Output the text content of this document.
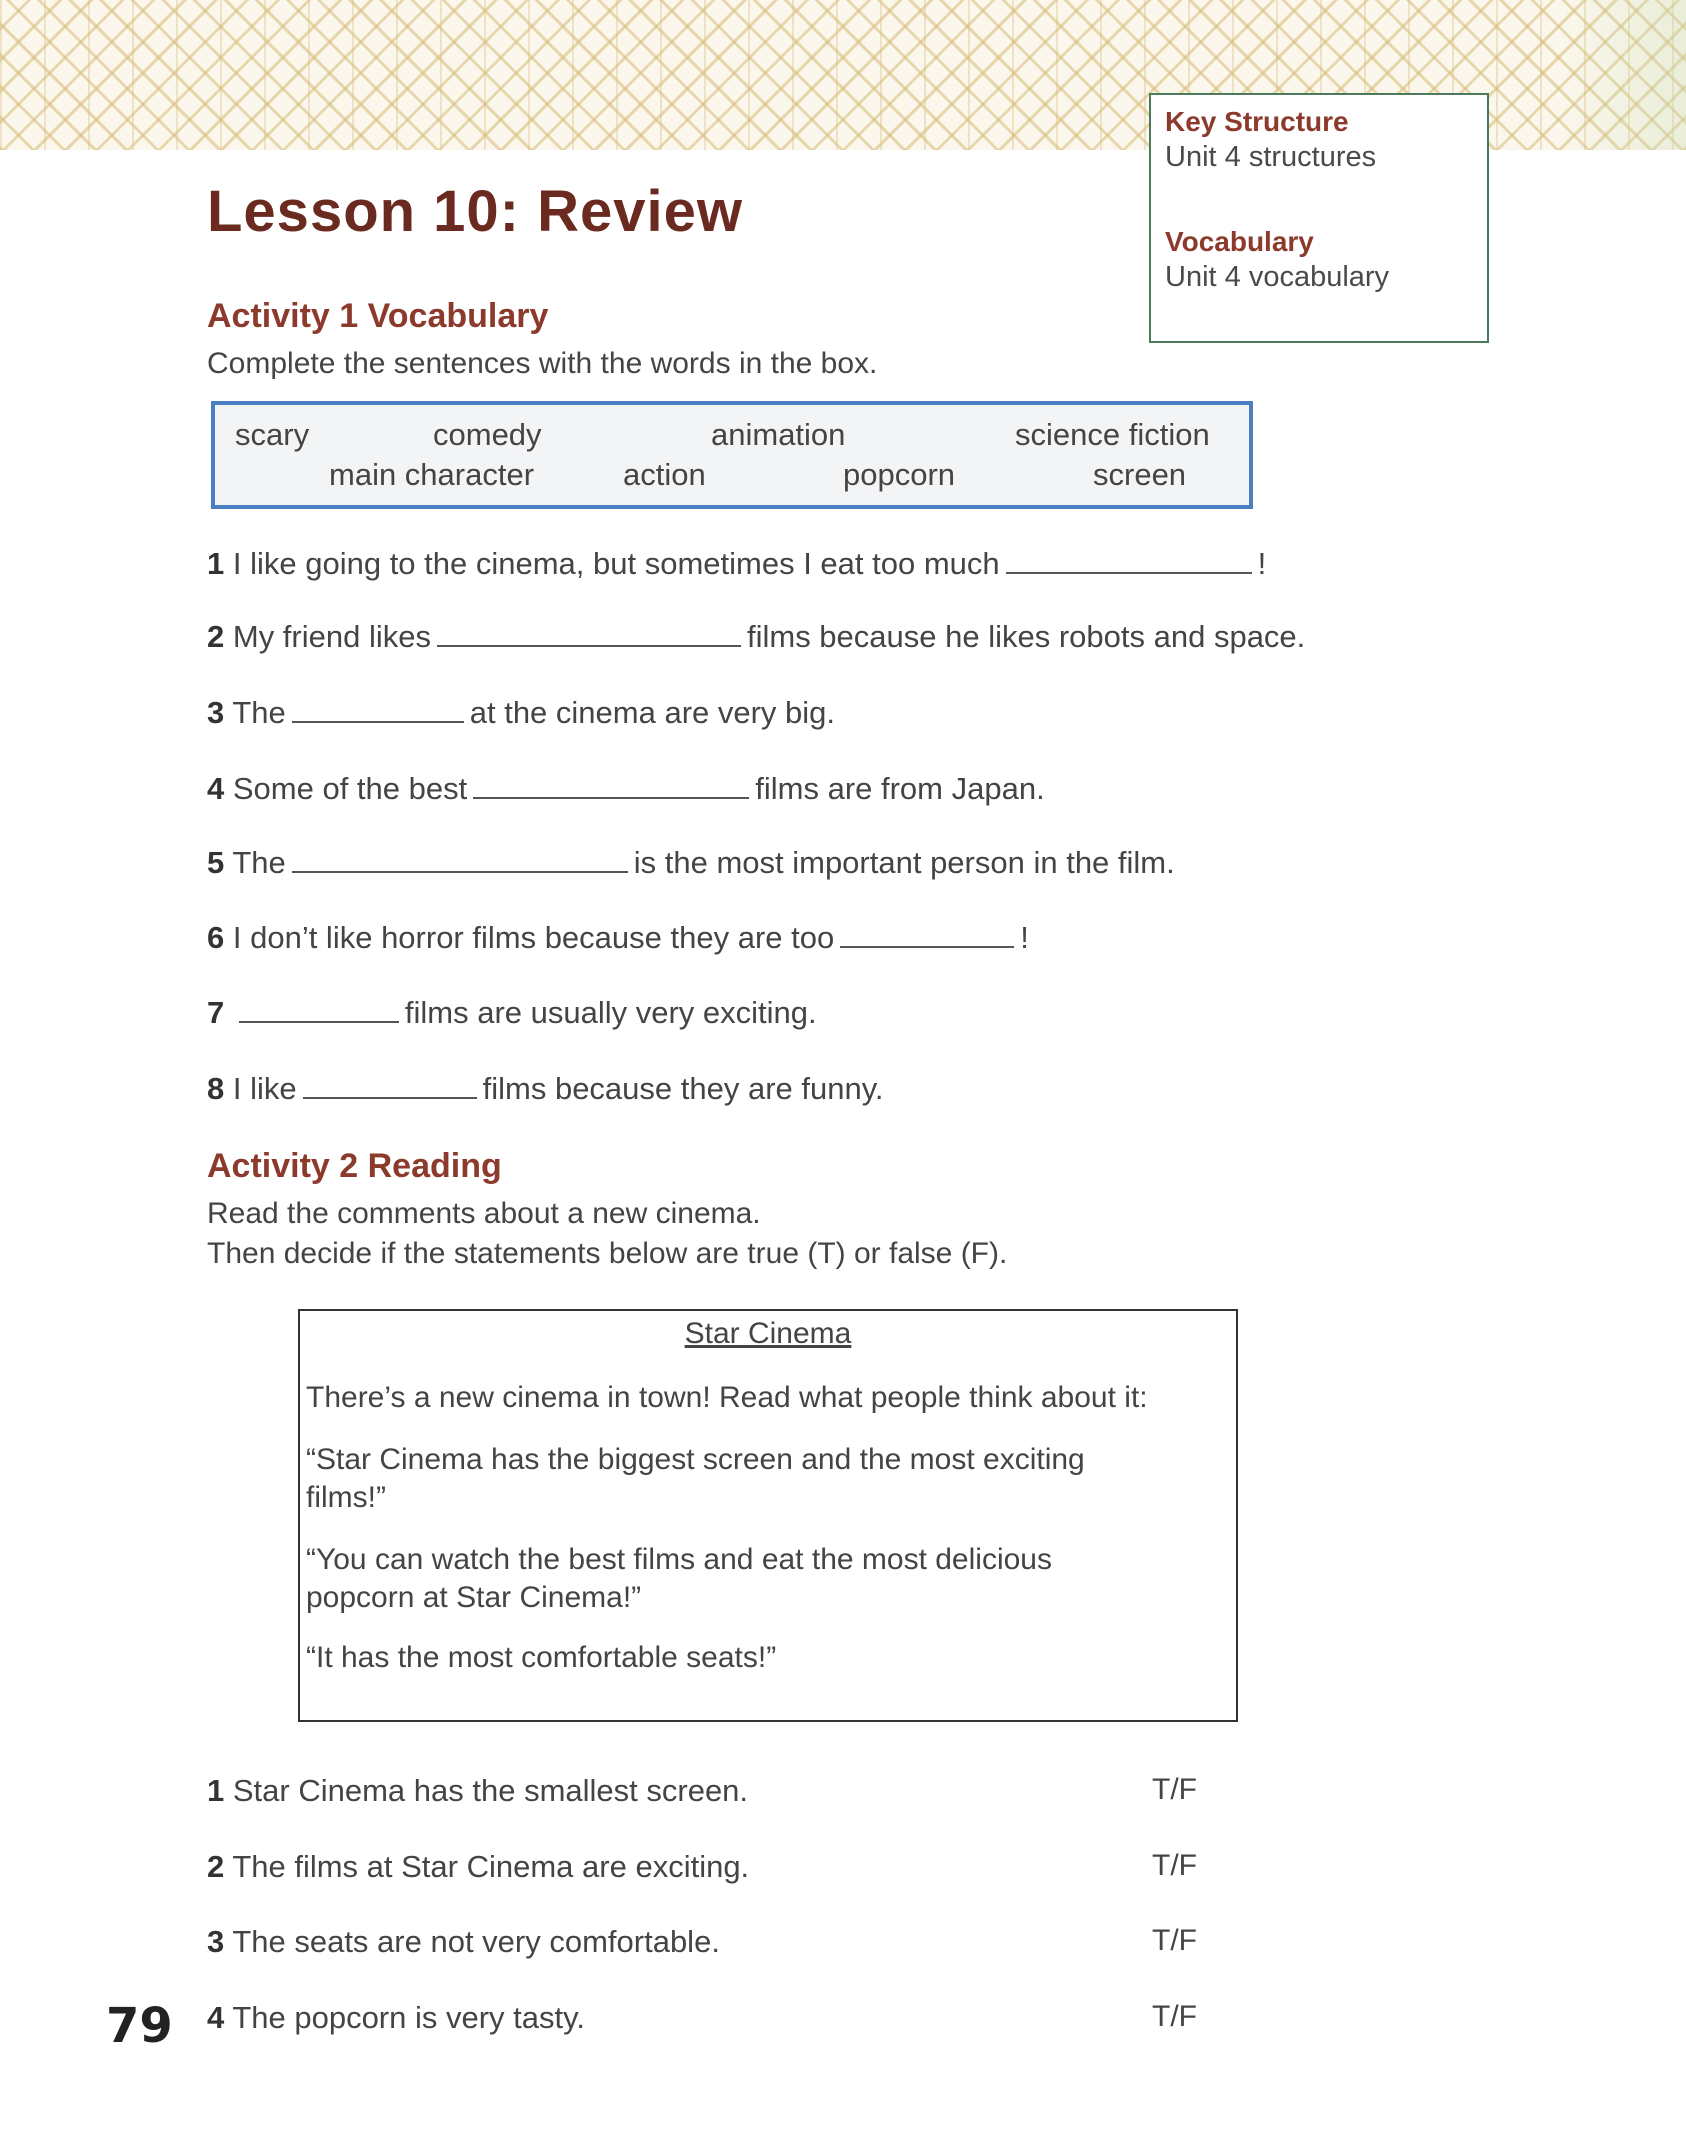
Key Structure
Unit 4 structures
Vocabulary
Unit 4 vocabulary
Lesson 10: Review
Activity 1 Vocabulary
Complete the sentences with the words in the box.
scary	comedy	animation	science fiction
main character	action	popcorn	screen
1 I like going to the cinema, but sometimes I eat too much	!
2 My friend likes	films because he likes robots and space.
3 The	at the cinema are very big.
4 Some of the best	films are from Japan.
5 The	is the most important person in the film.
6 I don’t like horror films because they are too	!
7	films are usually very exciting.
8 I like	films because they are funny.
Activity 2 Reading
Read the comments about a new cinema.
Then decide if the statements below are true (T) or false (F).
Star Cinema

There’s a new cinema in town! Read what people think about it:

“Star Cinema has the biggest screen and the most exciting films!”

“You can watch the best films and eat the most delicious popcorn at Star Cinema!”

“It has the most comfortable seats!”

1 Star Cinema has the smallest screen.	T/F
2 The films at Star Cinema are exciting.	T/F
3 The seats are not very comfortable.	T/F
4 The popcorn is very tasty.	T/F
79
